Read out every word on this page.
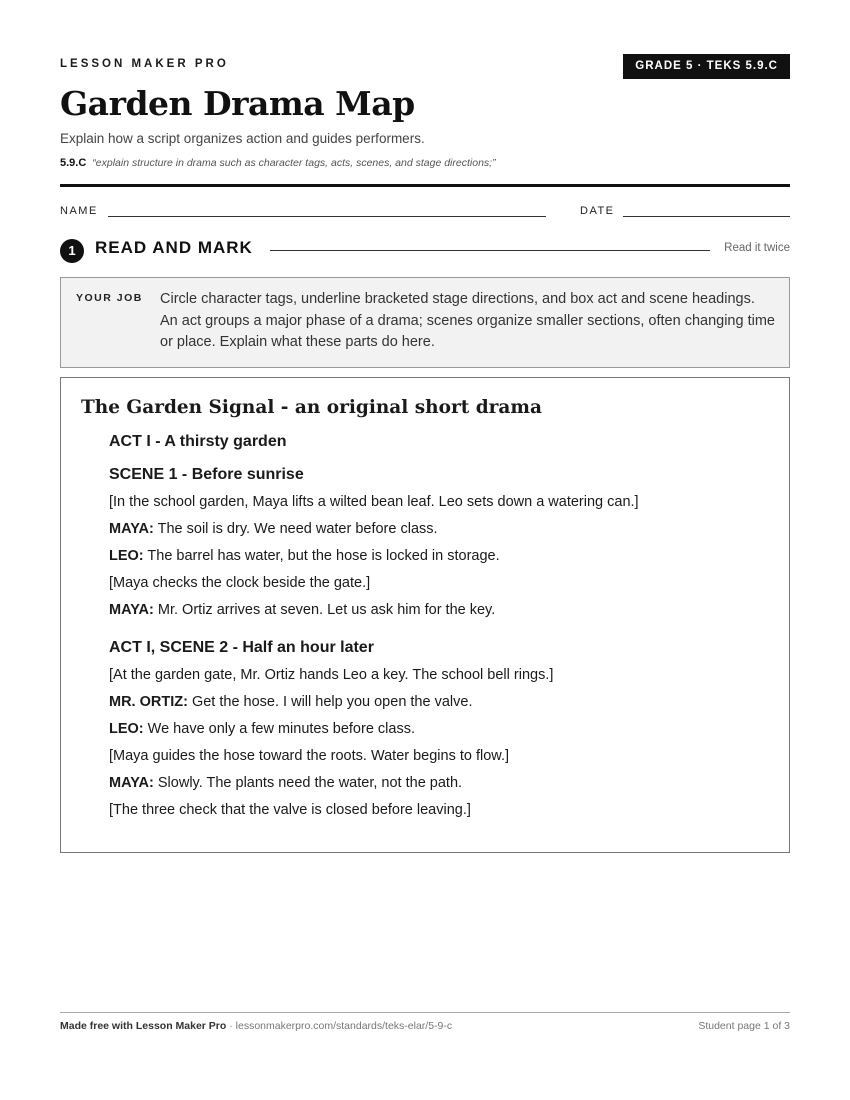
LESSON MAKER PRO	GRADE 5 · TEKS 5.9.C
Garden Drama Map
Explain how a script organizes action and guides performers.
5.9.C “explain structure in drama such as character tags, acts, scenes, and stage directions;”
NAME	DATE
1	READ AND MARK	Read it twice
YOUR JOB Circle character tags, underline bracketed stage directions, and box act and scene headings. An act groups a major phase of a drama; scenes organize smaller sections, often changing time or place. Explain what these parts do here.
The Garden Signal - an original short drama
ACT I - A thirsty garden
SCENE 1 - Before sunrise
[In the school garden, Maya lifts a wilted bean leaf. Leo sets down a watering can.]
MAYA: The soil is dry. We need water before class.
LEO: The barrel has water, but the hose is locked in storage.
[Maya checks the clock beside the gate.]
MAYA: Mr. Ortiz arrives at seven. Let us ask him for the key.
ACT I, SCENE 2 - Half an hour later
[At the garden gate, Mr. Ortiz hands Leo a key. The school bell rings.]
MR. ORTIZ: Get the hose. I will help you open the valve.
LEO: We have only a few minutes before class.
[Maya guides the hose toward the roots. Water begins to flow.]
MAYA: Slowly. The plants need the water, not the path.
[The three check that the valve is closed before leaving.]
Made free with Lesson Maker Pro · lessonmakerpro.com/standards/teks-elar/5-9-c	Student page 1 of 3
